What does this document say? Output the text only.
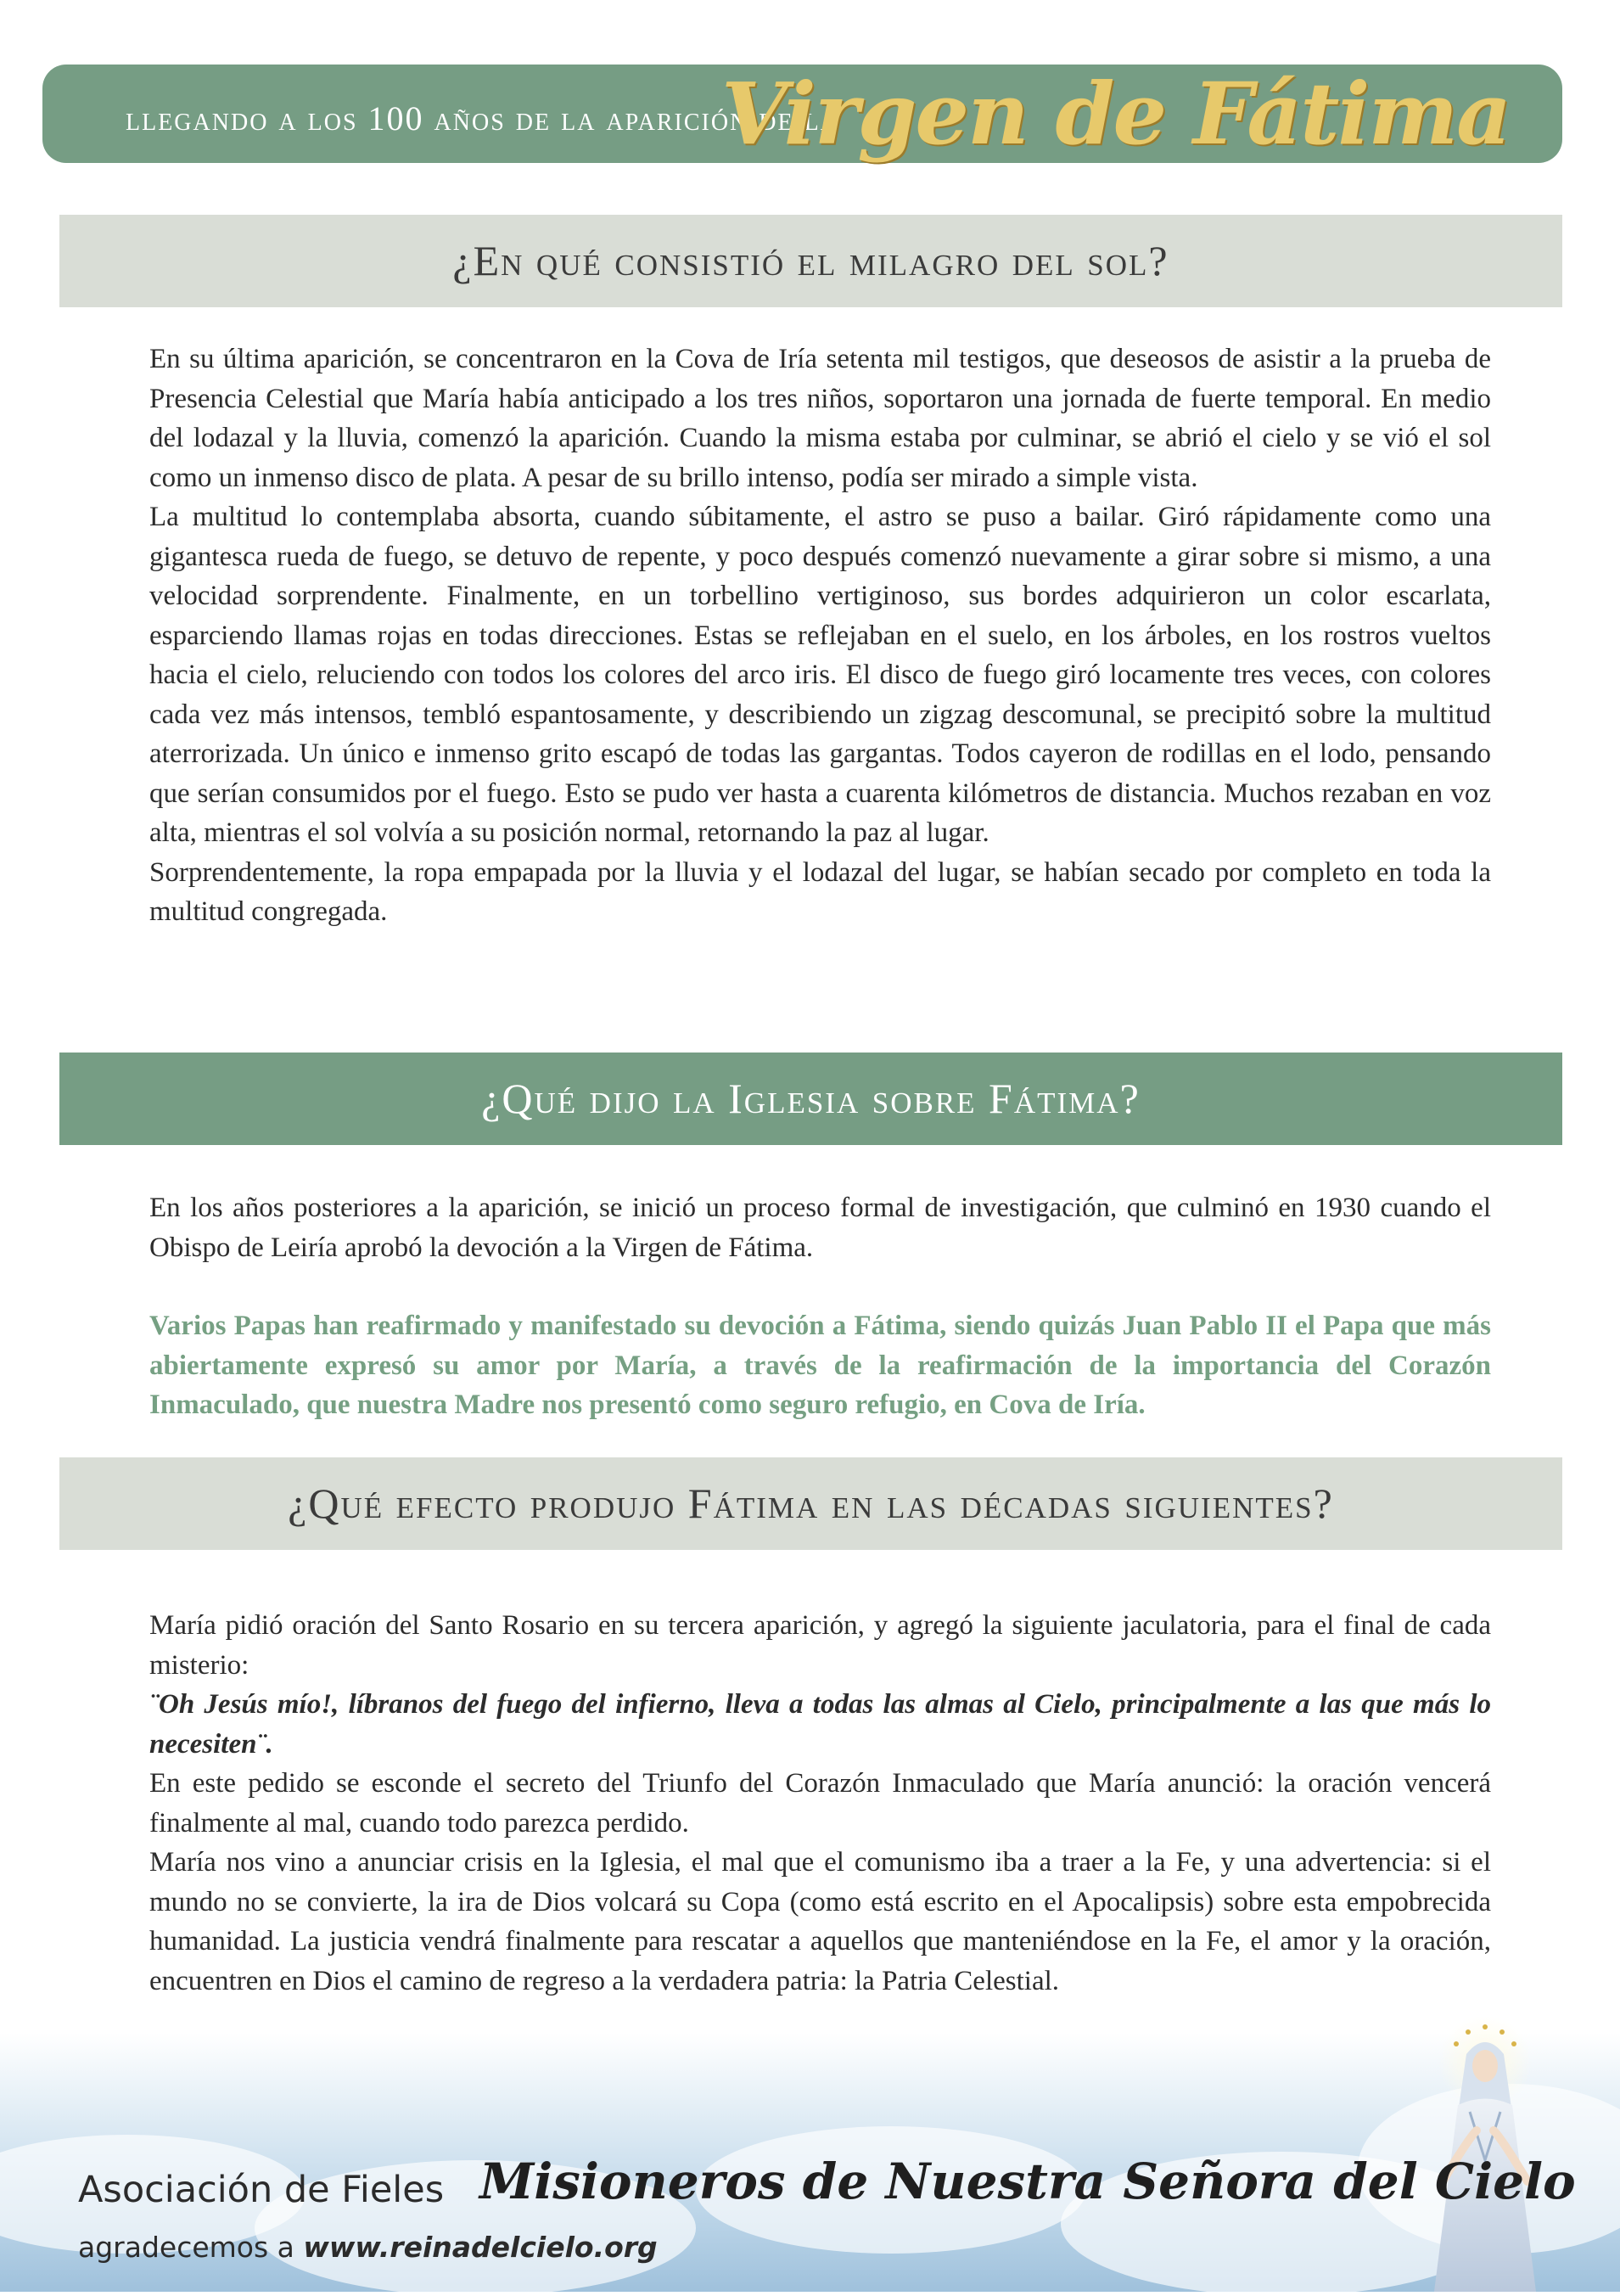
llegando a los 100 años de la aparición de la
Virgen de Fátima
¿En qué consistió el milagro del sol?

En su última aparición, se concentraron en la Cova de Iría setenta mil testigos, que deseosos de asistir a la prueba de Presencia Celestial que María había anticipado a los tres niños, soportaron una jornada de fuerte temporal. En medio del lodazal y la lluvia, comenzó la aparición. Cuando la misma estaba por culminar, se abrió el cielo y se vió el sol como un inmenso disco de plata. A pesar de su brillo intenso, podía ser mirado a simple vista.

La multitud lo contemplaba absorta, cuando súbitamente, el astro se puso a bailar. Giró rápidamente como una gigantesca rueda de fuego, se detuvo de repente, y poco después comenzó nuevamente a girar sobre si mismo, a una velocidad sorprendente. Finalmente, en un torbellino vertiginoso, sus bordes adquirieron un color escarlata, esparciendo llamas rojas en todas direcciones. Estas se reflejaban en el suelo, en los árboles, en los rostros vueltos hacia el cielo, reluciendo con todos los colores del arco iris. El disco de fuego giró locamente tres veces, con colores cada vez más intensos, tembló espantosamente, y describiendo un zigzag descomunal, se precipitó sobre la multitud aterrorizada. Un único e inmenso grito escapó de todas las gargantas. Todos cayeron de rodillas en el lodo, pensando que serían consumidos por el fuego. Esto se pudo ver hasta a cuarenta kilómetros de distancia. Muchos rezaban en voz alta, mientras el sol volvía a su posición normal, retornando la paz al lugar.

Sorprendentemente, la ropa empapada por la lluvia y el lodazal del lugar, se habían secado por completo en toda la multitud congregada.

¿Qué dijo la Iglesia sobre Fátima?

En los años posteriores a la aparición, se inició un proceso formal de investigación, que culminó en 1930 cuando el Obispo de Leiría aprobó la devoción a la Virgen de Fátima.

Varios Papas han reafirmado y manifestado su devoción a Fátima, siendo quizás Juan Pablo II el Papa que más abiertamente expresó su amor por María, a través de la reafirmación de la importancia del Corazón Inmaculado, que nuestra Madre nos presentó como seguro refugio, en Cova de Iría.

¿Qué efecto produjo Fátima en las décadas siguientes?

María pidió oración del Santo Rosario en su tercera aparición, y agregó la siguiente jaculatoria, para el final de cada misterio:

¨Oh Jesús mío!, líbranos del fuego del infierno, lleva a todas las almas al Cielo, principalmente a las que más lo necesiten¨.

En este pedido se esconde el secreto del Triunfo del Corazón Inmaculado que María anunció: la oración vencerá finalmente al mal, cuando todo parezca perdido.

María nos vino a anunciar crisis en la Iglesia, el mal que el comunismo iba a traer a la Fe, y una advertencia: si el mundo no se convierte, la ira de Dios volcará su Copa (como está escrito en el Apocalipsis) sobre esta empobrecida humanidad. La justicia vendrá finalmente para rescatar a aquellos que manteniéndose en la Fe, el amor y la oración, encuentren en Dios el camino de regreso a la verdadera patria: la Patria Celestial.

Asociación de Fieles Misioneros de Nuestra Señora del Cielo
agradecemos a www.reinadelcielo.org
